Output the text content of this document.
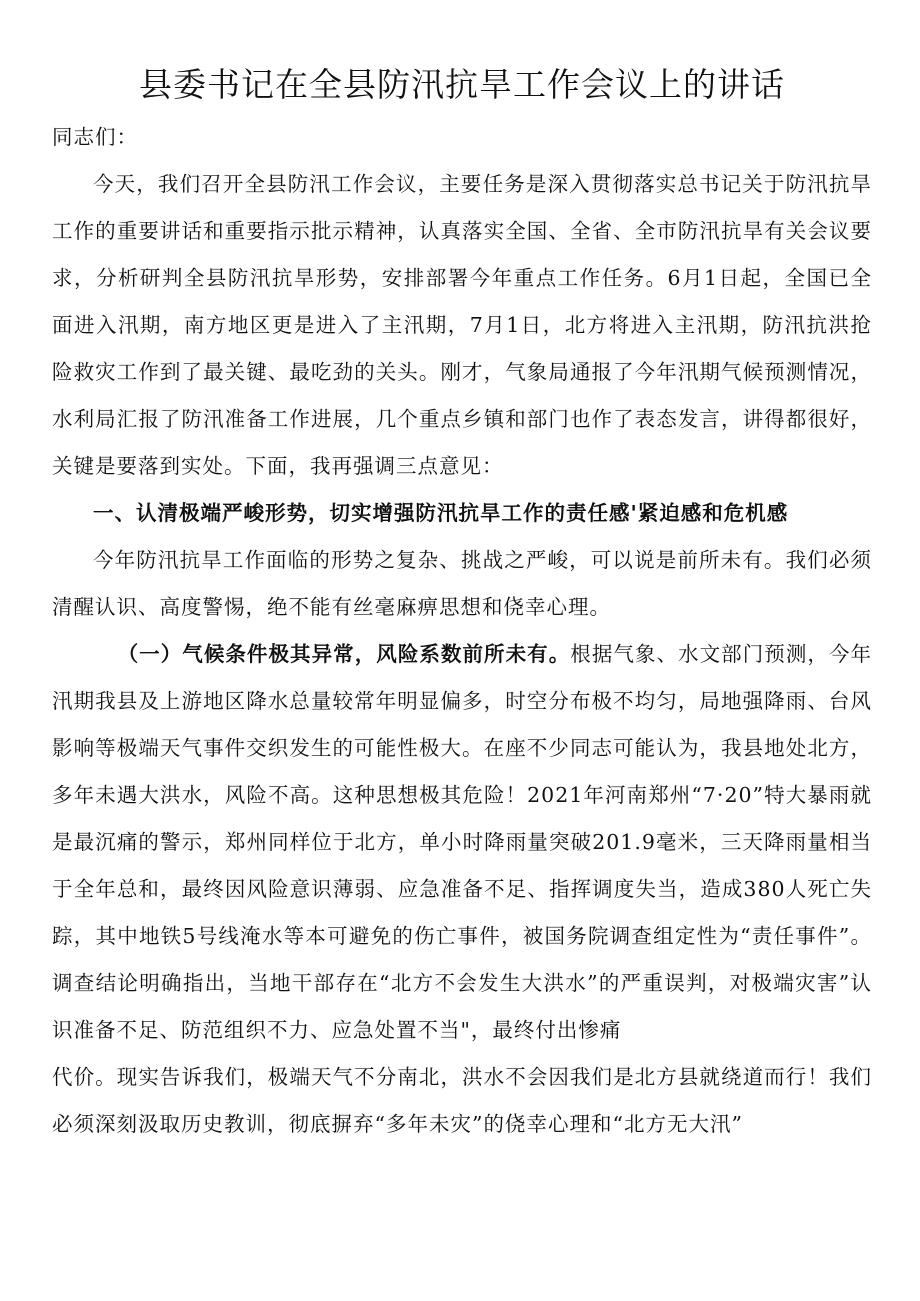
县委书记在全县防汛抗旱工作会议上的讲话

同志们：

今天，我们召开全县防汛工作会议，主要任务是深入贯彻落实总书记关于防汛抗旱工作的重要讲话和重要指示批示精神，认真落实全国、全省、全市防汛抗旱有关会议要求，分析研判全县防汛抗旱形势，安排部署今年重点工作任务。6月1日起，全国已全面进入汛期，南方地区更是进入了主汛期，7月1日，北方将进入主汛期，防汛抗洪抢险救灾工作到了最关键、最吃劲的关头。刚才，气象局通报了今年汛期气候预测情况，水利局汇报了防汛准备工作进展，几个重点乡镇和部门也作了表态发言，讲得都很好，关键是要落到实处。下面，我再强调三点意见：

一、认清极端严峻形势，切实增强防汛抗旱工作的责任感'紧迫感和危机感

今年防汛抗旱工作面临的形势之复杂、挑战之严峻，可以说是前所未有。我们必须清醒认识、高度警惕，绝不能有丝毫麻痹思想和侥幸心理。

（一）气候条件极其异常，风险系数前所未有。根据气象、水文部门预测，今年汛期我县及上游地区降水总量较常年明显偏多，时空分布极不均匀，局地强降雨、台风影响等极端天气事件交织发生的可能性极大。在座不少同志可能认为，我县地处北方，多年未遇大洪水，风险不高。这种思想极其危险！2021年河南郑州“7·20”特大暴雨就是最沉痛的警示，郑州同样位于北方，单小时降雨量突破201.9毫米，三天降雨量相当于全年总和，最终因风险意识薄弱、应急准备不足、指挥调度失当，造成380人死亡失踪，其中地铁5号线淹水等本可避免的伤亡事件，被国务院调查组定性为“责任事件”。调查结论明确指出，当地干部存在“北方不会发生大洪水”的严重误判，对极端灾害”认识准备不足、防范组织不力、应急处置不当"，最终付出惨痛

代价。现实告诉我们，极端天气不分南北，洪水不会因我们是北方县就绕道而行！我们必须深刻汲取历史教训，彻底摒弃“多年未灾”的侥幸心理和“北方无大汛”
